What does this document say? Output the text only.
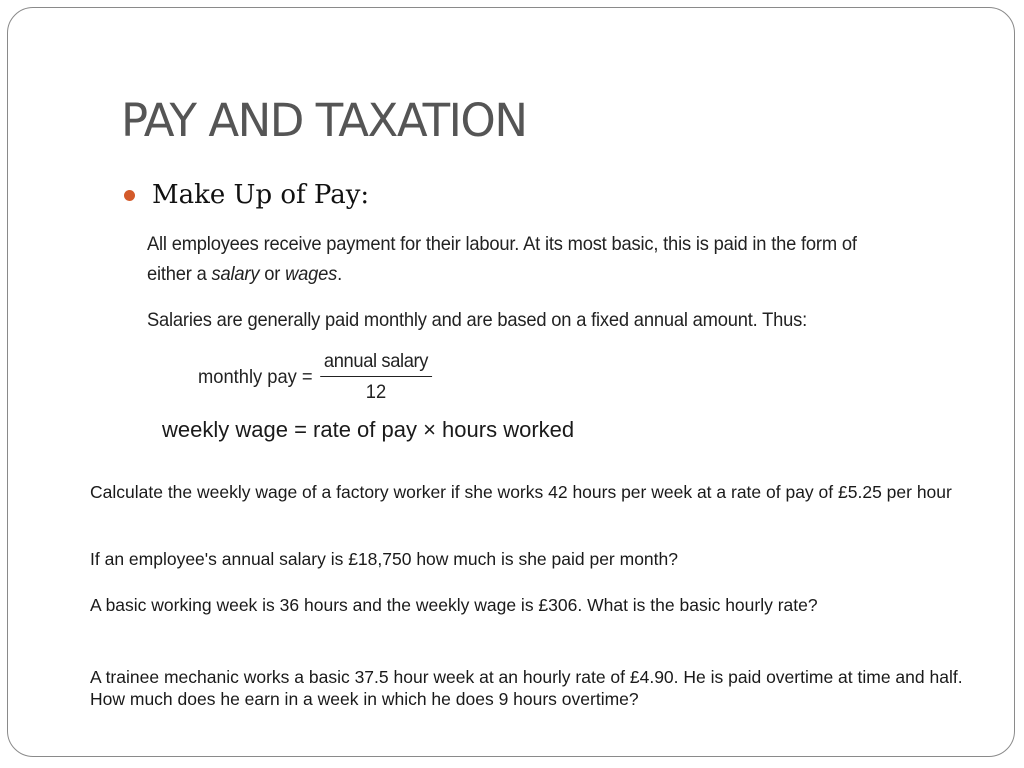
PAY AND TAXATION
Make Up of Pay:
All employees receive payment for their labour. At its most basic, this is paid in the form of either a salary or wages.
Salaries are generally paid monthly and are based on a fixed annual amount. Thus:
monthly pay = $\frac{\text{annual salary}}{12}$
weekly wage = rate of pay × hours worked
Calculate the weekly wage of a factory worker if she works 42 hours per week at a rate of pay of £5.25 per hour
If an employee's annual salary is £18,750 how much is she paid per month?
A basic working week is 36 hours and the weekly wage is £306. What is the basic hourly rate?
A trainee mechanic works a basic 37.5 hour week at an hourly rate of £4.90. He is paid overtime at time and half. How much does he earn in a week in which he does 9 hours overtime?
